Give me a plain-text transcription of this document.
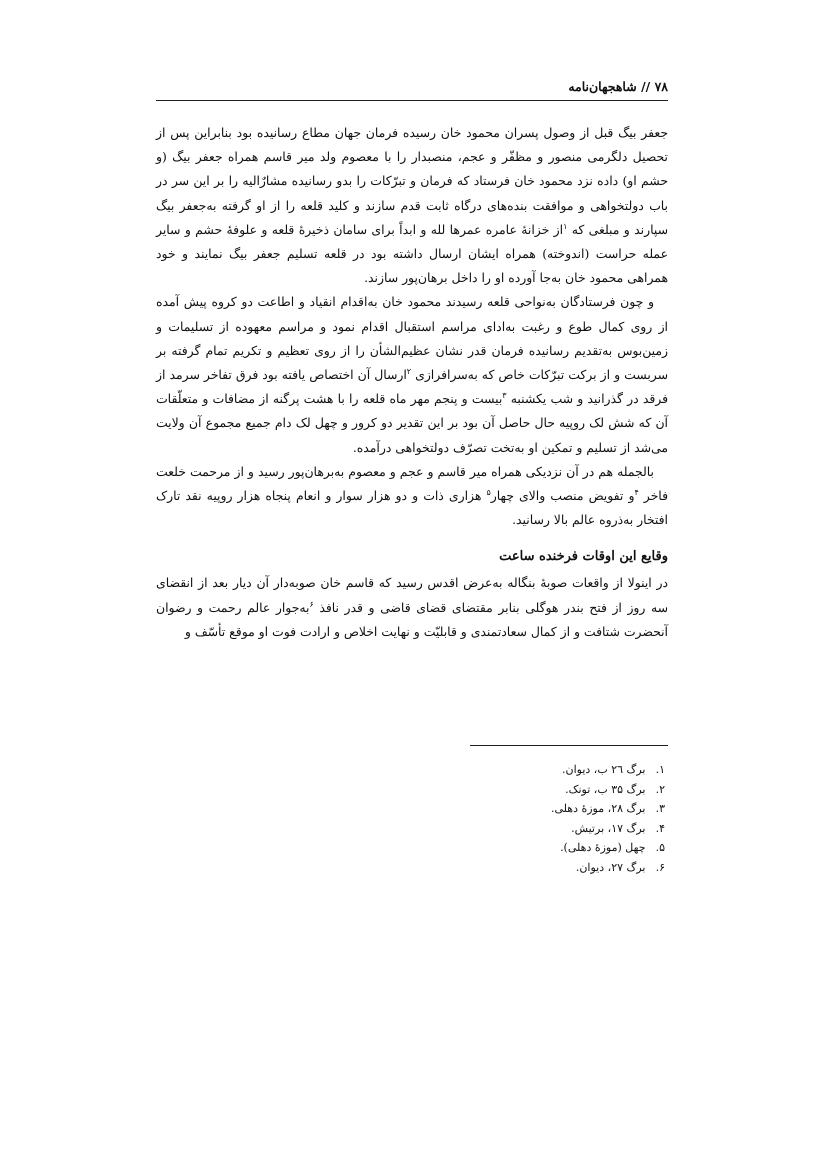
۷۸ // شاهجهان‌نامه

جعفر بیگ قبل از وصول پسران محمود خان رسیده فرمان جهان مطاع رسانیده بود بنابراین پس از تحصیل دلگرمی منصور و مظفّر و عجم، منصبدار را با معصوم ولد میر قاسم همراه جعفر بیگ (و حشم او) داده نزد محمود خان فرستاد که فرمان و تبرّکات را بدو رسانیده مشارٌالیه را بر این سر در باب دولتخواهی و موافقت بنده‌های درگاه ثابت قدم سازند و کلید قلعه را از او گرفته به‌جعفر بیگ سپارند و مبلغی که $^۱$از خزانهٔ عامره عمرها لله و ابداً برای سامان ذخیرهٔ قلعه و علوفهٔ حشم و سایر عمله حراست (اندوخته) همراه ایشان ارسال داشته بود در قلعه تسلیم جعفر بیگ نمایند و خود همراهی محمود خان به‌جا آورده او را داخل برهان‌پور سازند.

و چون فرستادگان به‌نواحی قلعه رسیدند محمود خان به‌اقدام انقیاد و اطاعت دو کروه پیش آمده از روی کمال طوع و رغبت به‌ادای مراسم استقبال اقدام نمود و مراسم معهوده از تسلیمات و زمین‌بوس به‌تقدیم رسانیده فرمان قدر نشان عظیم‌الشأن را از روی تعظیم و تکریم تمام گرفته بر سربست و از برکت تبرّکات خاص که به‌سرافرازی $^۲$ارسال آن اختصاص یافته بود فرق تفاخر سرمد از فرقد در گذرانید و شب یکشنبه $^۳$بیست و پنجم مهر ماه قلعه را با هشت پرگنه از مضافات و متعلّقات آن که شش لک روپیه حال حاصل آن بود بر این تقدیر دو کرور و چهل لک دام جمیع مجموع آن ولایت می‌شد از تسلیم و تمکین او به‌تخت تصرّف دولتخواهی درآمده.

بالجمله هم در آن نزدیکی همراه میر قاسم و عجم و معصوم به‌برهان‌پور رسید و از مرحمت خلعت فاخر $^۴$و تفویض منصب والای چهار$^۵$ هزاری ذات و دو هزار سوار و انعام پنجاه هزار روپیه نقد تارک افتخار به‌ذروه عالم بالا رسانید.

وقایع این اوقات فرخنده ساعت

در اینولا از واقعات صوبهٔ بنگاله به‌عرض اقدس رسید که قاسم خان صوبه‌دار آن دیار بعد از انقضای سه روز از فتح بندر هوگلی بنابر مقتضای قضای قاضی و قدر نافذ $^۶$به‌جوار عالم رحمت و رضوان آنحضرت شتافت و از کمال سعادتمندی و قابلیّت و نهایت اخلاص و ارادت فوت او موقع تأسّف و

۱. برگ ۲٦ ب، دیوان.
۲. برگ ۳۵ ب، تونک.
۳. برگ ۲۸، موزهٔ دهلی.
۴. برگ ۱۷، برتیش.
۵. چهل (موزهٔ دهلی).
۶. برگ ۲۷، دیوان.
